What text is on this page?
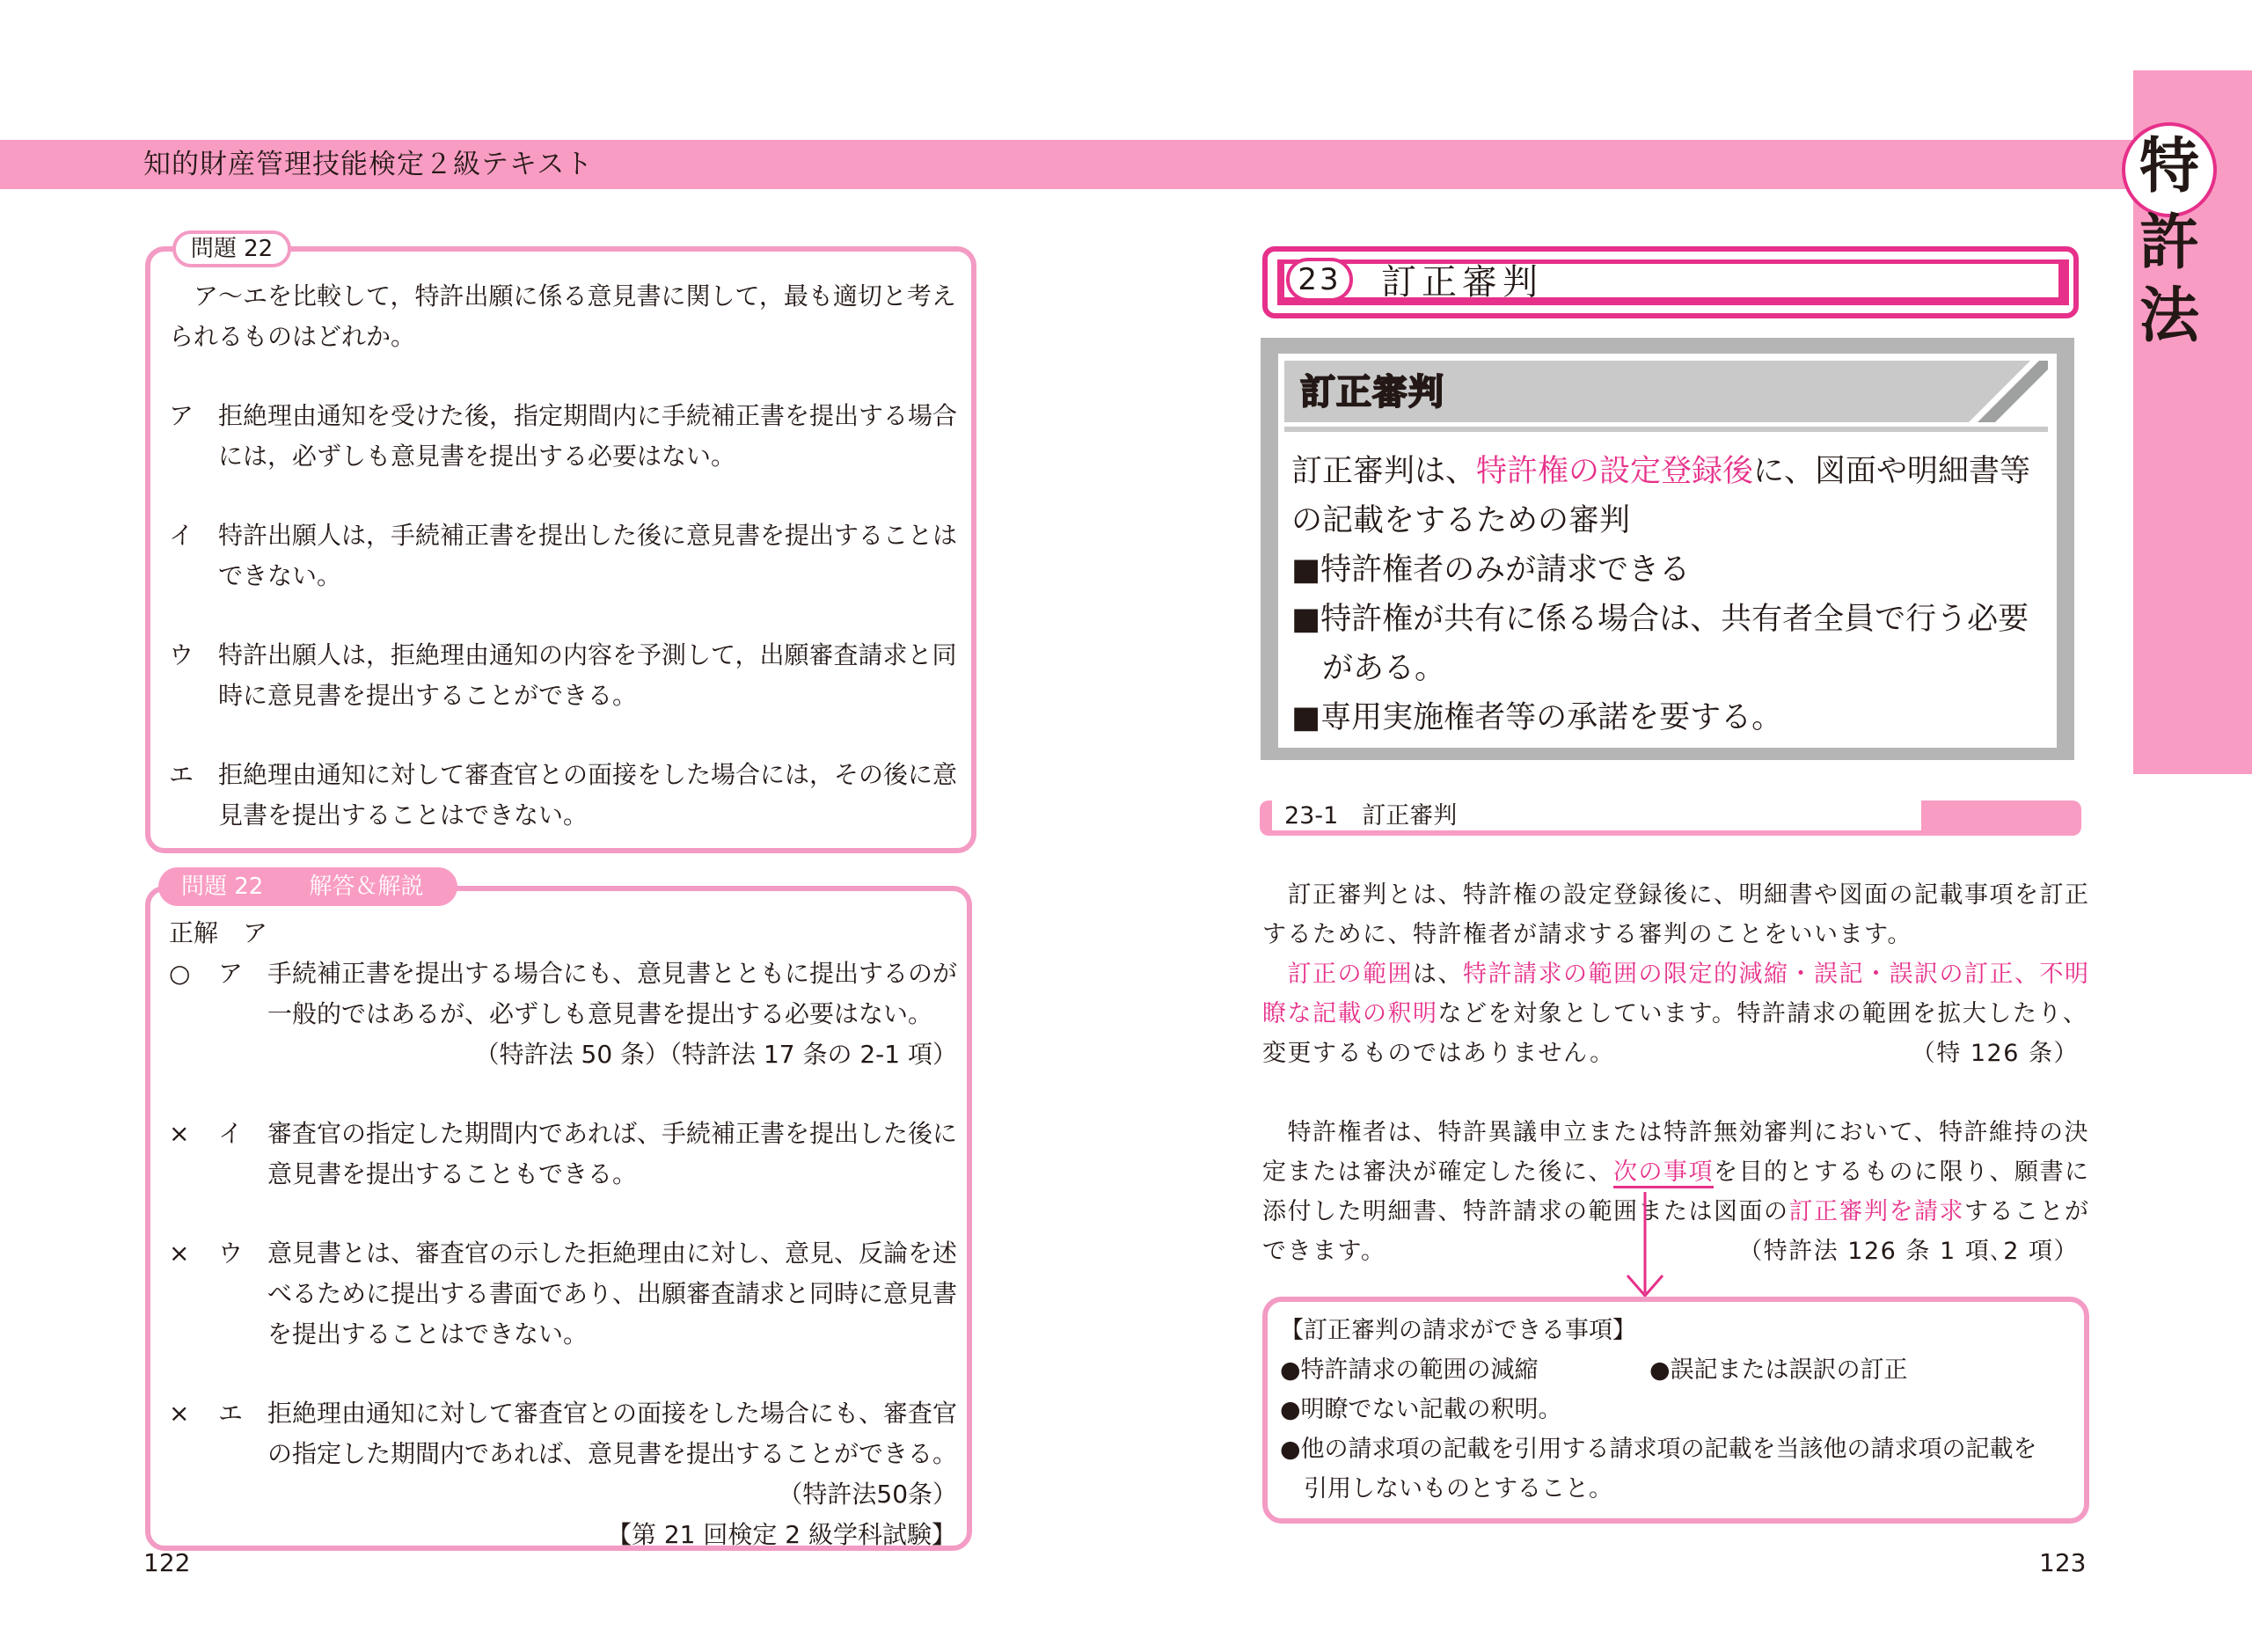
知的財産管理技能検定２級テキスト	特
許
法
問題 22
　ア～エを比較して，特許出願に係る意見書に関して，最も適切と考え
られるものはどれか。
ア 拒絶理由通知を受けた後，指定期間内に手続補正書を提出する場合
には，必ずしも意見書を提出する必要はない。
イ 特許出願人は，手続補正書を提出した後に意見書を提出することは
できない。
ウ 特許出願人は，拒絶理由通知の内容を予測して，出願審査請求と同
時に意見書を提出することができる。
エ 拒絶理由通知に対して審査官との面接をした場合には，その後に意
見書を提出することはできない。
問題 22　　解答＆解説
正解　ア
○	ア 手続補正書を提出する場合にも、意見書とともに提出するのが
一般的ではあるが、必ずしも意見書を提出する必要はない。
（特許法 50 条）（特許法 17 条の 2-1 項）
×	イ 審査官の指定した期間内であれば、手続補正書を提出した後に
意見書を提出することもできる。
×	ウ 意見書とは、審査官の示した拒絶理由に対し、意見、反論を述
べるために提出する書面であり、出願審査請求と同時に意見書
を提出することはできない。
×	エ 拒絶理由通知に対して審査官との面接をした場合にも、審査官
の指定した期間内であれば、意見書を提出することができる。
（特許法50条）
【第 21 回検定 2 級学科試験】
122	123
23	訂正審判
訂正審判
訂正審判は、特許権の設定登録後に、図面や明細書等
の記載をするための審判
■特許権者のみが請求できる
■特許権が共有に係る場合は、共有者全員で行う必要
　がある。
■専用実施権者等の承諾を要する。
23-1　訂正審判
　訂正審判とは、特許権の設定登録後に、明細書や図面の記載事項を訂正
するために、特許権者が請求する審判のことをいいます。
　訂正の範囲は、特許請求の範囲の限定的減縮・誤記・誤訳の訂正、不明
瞭な記載の釈明などを対象としています。特許請求の範囲を拡大したり、
変更するものではありません。	（特 126 条）
　特許権者は、特許異議申立または特許無効審判において、特許維持の決
定または審決が確定した後に、次の事項を目的とするものに限り、願書に
添付した明細書、特許請求の範囲または図面の訂正審判を請求することが
できます。	（特許法 126 条 1 項､2 項）
【訂正審判の請求ができる事項】
●特許請求の範囲の減縮	●誤記または誤訳の訂正
●明瞭でない記載の釈明。
●他の請求項の記載を引用する請求項の記載を当該他の請求項の記載を
　引用しないものとすること。
